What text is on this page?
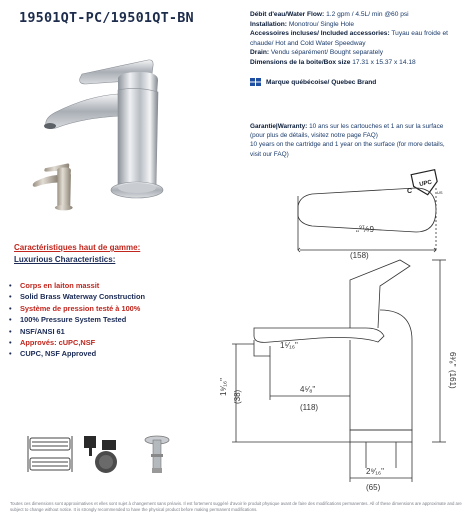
19501QT-PC/19501QT-BN	Débit d'eau/Water Flow: 1.2 gpm / 4.5L/ min @60 psi

Installation: Monotrou/ Single Hole

Accessoires incluses/ Included accessories: Tuyau eau froide et chaude/ Hot and Cold Water Speedway

Drain: Vendu séparément/ Bought separately

Dimensions de la boite/Box size 17.31 x 15.37 x 14.18

Marque québécoise/ Quebec Brand
Garantie|Warranty: 10 ans sur les cartouches et 1 an sur la surface (pour plus de détails, visitez notre page FAQ)
10 years on the cartridge and 1 year on the surface (for more details, visit our FAQ)
UPC
C	US
Caractéristiques haut de gamme:
Luxurious Characteristics:
• Corps en laiton massit
• Solid Brass Waterway Construction
• Système de pression testé à 100%
• 100% Pressure System Tested
• NSF/ANSI 61
• Approvés: cUPC,NSF
• CUPC, NSF Approved
6⁹⁄₁₆"
(158)
6³⁄₈"
(161)
1⁹⁄₁₆"
(38)
4⁵⁄₈"
(118)
1⁵⁄₁₆"
2⁹⁄₁₆"
(65)
Toutes ces dimensions sont approximatives et elles sont sujet à changement sans préavis. Il est fortement suggéré d'avoir le produit physique avant de faire des modifications permanentes. All of these dimensions are approximate and are subject to change without notice. It is strongly recommended to have the physical product before making permanent modifications.
